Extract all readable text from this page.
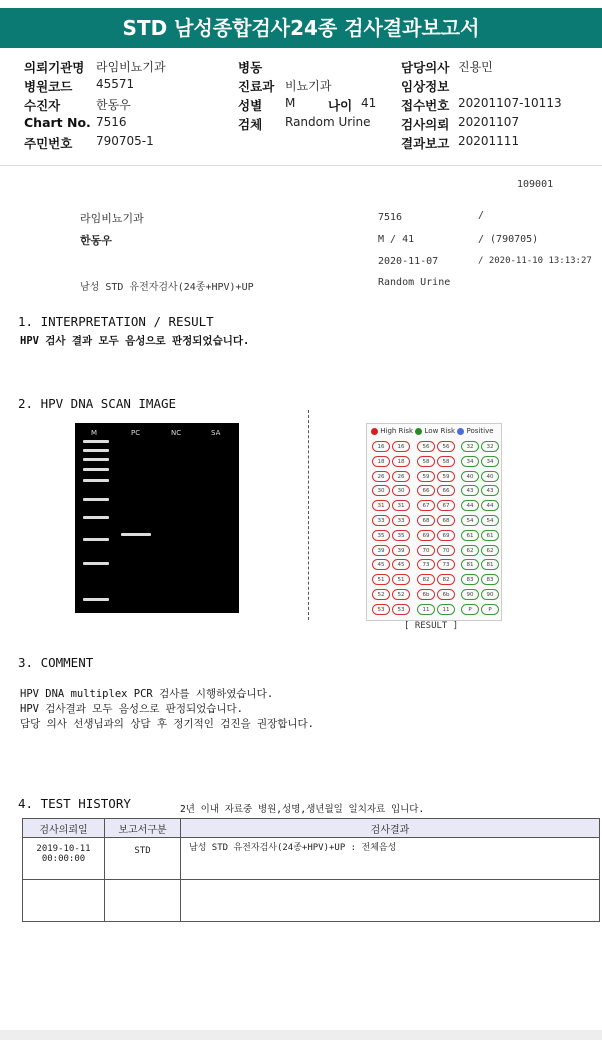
STD 남성종합검사24종 검사결과보고서
의뢰기관명 라임비뇨기과
병원코드 45571
수진자	한동우
Chart No. 7516
주민번호 790705-1
병동
진료과 비뇨기과
성별 M	나이 41
검체 Random Urine
담당의사 진용민
임상정보
접수번호 20201107-10113
검사의뢰 20201107
결과보고 20201111
109001
라임비뇨기과	7516	/
한동우	M / 41	/ (790705)
2020-11-07	/ 2020-11-10 13:13:27
남성 STD 유전자검사(24종+HPV)+UP	Random Urine
1. INTERPRETATION / RESULT
HPV 검사 결과 모두 음성으로 판정되었습니다.
2. HPV DNA SCAN IMAGE
M	PC	NC	SA	High Risk Low Risk Positive
16	16	56	56	32	32
18	18	58	58	34	34
26	26	59	59	40	40
30	30	66	66	43	43
31	31	67	67	44	44
33	33	68	68	54	54
35	35	69	69	61	61
39	39	70	70	62	62
45	45	73	73	81	81
51	51	82	82	83	83
52	52	6b	6b	90	90
53	53	11	11	P	P
[ RESULT ]
3. COMMENT
HPV DNA multiplex PCR 검사를 시행하였습니다.
HPV 검사결과 모두 음성으로 판정되었습니다.
담당 의사 선생님과의 상담 후 정기적인 검진을 권장합니다.
4. TEST HISTORY	2년 이내 자료중 병원,성명,생년월일 일치자료 입니다.
검사의뢰일	보고서구분	검사결과

2019-10-11
00:00:00	STD	남성 STD 유전자검사(24종+HPV)+UP : 전체음성
